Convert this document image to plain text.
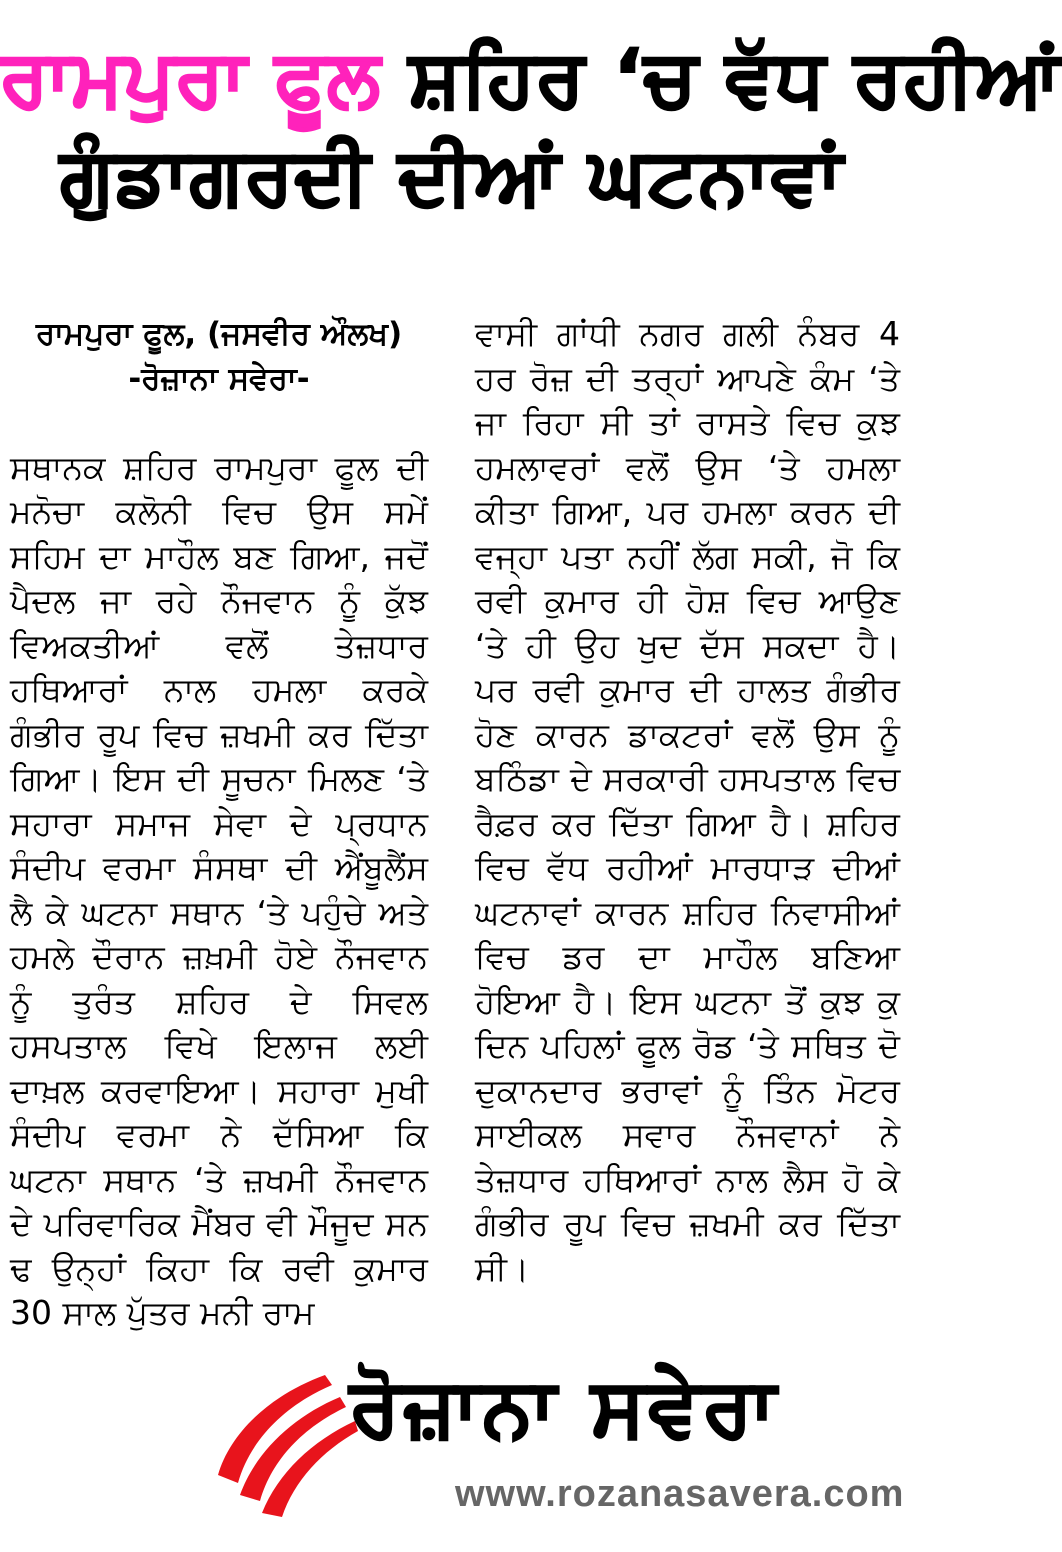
ਰਾਮਪੁਰਾ ਫੂਲ ਸ਼ਹਿਰ ‘ਚ ਵੱਧ ਰਹੀਆਂ
ਗੁੰਡਾਗਰਦੀ ਦੀਆਂ ਘਟਨਾਵਾਂ

ਰਾਮਪੁਰਾ ਫੂਲ, (ਜਸਵੀਰ ਔਲਖ)

-ਰੋਜ਼ਾਨਾ ਸਵੇਰਾ-

ਸਥਾਨਕ ਸ਼ਹਿਰ ਰਾਮਪੁਰਾ ਫੂਲ ਦੀ ਮਨੋਚਾ ਕਲੋਨੀ ਵਿਚ ਉਸ ਸਮੇਂ ਸਹਿਮ ਦਾ ਮਾਹੌਲ ਬਣ ਗਿਆ, ਜਦੋਂ ਪੈਦਲ ਜਾ ਰਹੇ ਨੌਜਵਾਨ ਨੂੰ ਕੁੱਝ ਵਿਅਕਤੀਆਂ ਵਲੋਂ ਤੇਜ਼ਧਾਰ ਹਥਿਆਰਾਂ ਨਾਲ ਹਮਲਾ ਕਰਕੇ ਗੰਭੀਰ ਰੂਪ ਵਿਚ ਜ਼ਖਮੀ ਕਰ ਦਿੱਤਾ ਗਿਆ। ਇਸ ਦੀ ਸੂਚਨਾ ਮਿਲਣ ‘ਤੇ ਸਹਾਰਾ ਸਮਾਜ ਸੇਵਾ ਦੇ ਪ੍ਰਧਾਨ ਸੰਦੀਪ ਵਰਮਾ ਸੰਸਥਾ ਦੀ ਐਂਬੂਲੈਂਸ ਲੈ ਕੇ ਘਟਨਾ ਸਥਾਨ ‘ਤੇ ਪਹੁੰਚੇ ਅਤੇ ਹਮਲੇ ਦੌਰਾਨ ਜ਼ਖ਼ਮੀ ਹੋਏ ਨੌਜਵਾਨ ਨੂੰ ਤੁਰੰਤ ਸ਼ਹਿਰ ਦੇ ਸਿਵਲ ਹਸਪਤਾਲ ਵਿਖੇ ਇਲਾਜ ਲਈ ਦਾਖ਼ਲ ਕਰਵਾਇਆ। ਸਹਾਰਾ ਮੁਖੀ ਸੰਦੀਪ ਵਰਮਾ ਨੇ ਦੱਸਿਆ ਕਿ ਘਟਨਾ ਸਥਾਨ ‘ਤੇ ਜ਼ਖਮੀ ਨੌਜਵਾਨ ਦੇ ਪਰਿਵਾਰਿਕ ਮੈਂਬਰ ਵੀ ਮੌਜੂਦ ਸਨ ਢ ਉਨ੍ਹਾਂ ਕਿਹਾ ਕਿ ਰਵੀ ਕੁਮਾਰ 30 ਸਾਲ ਪੁੱਤਰ ਮਨੀ ਰਾਮ

ਵਾਸੀ ਗਾਂਧੀ ਨਗਰ ਗਲੀ ਨੰਬਰ 4 ਹਰ ਰੋਜ਼ ਦੀ ਤਰ੍ਹਾਂ ਆਪਣੇ ਕੰਮ ‘ਤੇ ਜਾ ਰਿਹਾ ਸੀ ਤਾਂ ਰਾਸਤੇ ਵਿਚ ਕੁਝ ਹਮਲਾਵਰਾਂ ਵਲੋਂ ਉਸ ‘ਤੇ ਹਮਲਾ ਕੀਤਾ ਗਿਆ, ਪਰ ਹਮਲਾ ਕਰਨ ਦੀ ਵਜ੍ਹਾ ਪਤਾ ਨਹੀਂ ਲੱਗ ਸਕੀ, ਜੋ ਕਿ ਰਵੀ ਕੁਮਾਰ ਹੀ ਹੋਸ਼ ਵਿਚ ਆਉਣ ‘ਤੇ ਹੀ ਉਹ ਖੁਦ ਦੱਸ ਸਕਦਾ ਹੈ। ਪਰ ਰਵੀ ਕੁਮਾਰ ਦੀ ਹਾਲਤ ਗੰਭੀਰ ਹੋਣ ਕਾਰਨ ਡਾਕਟਰਾਂ ਵਲੋਂ ਉਸ ਨੂੰ ਬਠਿੰਡਾ ਦੇ ਸਰਕਾਰੀ ਹਸਪਤਾਲ ਵਿਚ ਰੈਫ਼ਰ ਕਰ ਦਿੱਤਾ ਗਿਆ ਹੈ। ਸ਼ਹਿਰ ਵਿਚ ਵੱਧ ਰਹੀਆਂ ਮਾਰਧਾੜ ਦੀਆਂ ਘਟਨਾਵਾਂ ਕਾਰਨ ਸ਼ਹਿਰ ਨਿਵਾਸੀਆਂ ਵਿਚ ਡਰ ਦਾ ਮਾਹੌਲ ਬਣਿਆ ਹੋਇਆ ਹੈ। ਇਸ ਘਟਨਾ ਤੋਂ ਕੁਝ ਕੁ ਦਿਨ ਪਹਿਲਾਂ ਫੂਲ ਰੋਡ ‘ਤੇ ਸਥਿਤ ਦੋ ਦੁਕਾਨਦਾਰ ਭਰਾਵਾਂ ਨੂੰ ਤਿੰਨ ਮੋਟਰ ਸਾਈਕਲ ਸਵਾਰ ਨੌਜਵਾਨਾਂ ਨੇ ਤੇਜ਼ਧਾਰ ਹਥਿਆਰਾਂ ਨਾਲ ਲੈਸ ਹੋ ਕੇ ਗੰਭੀਰ ਰੂਪ ਵਿਚ ਜ਼ਖਮੀ ਕਰ ਦਿੱਤਾ ਸੀ।

ਰੋਜ਼ਾਨਾ ਸਵੇਰਾ
www.rozanasavera.com
